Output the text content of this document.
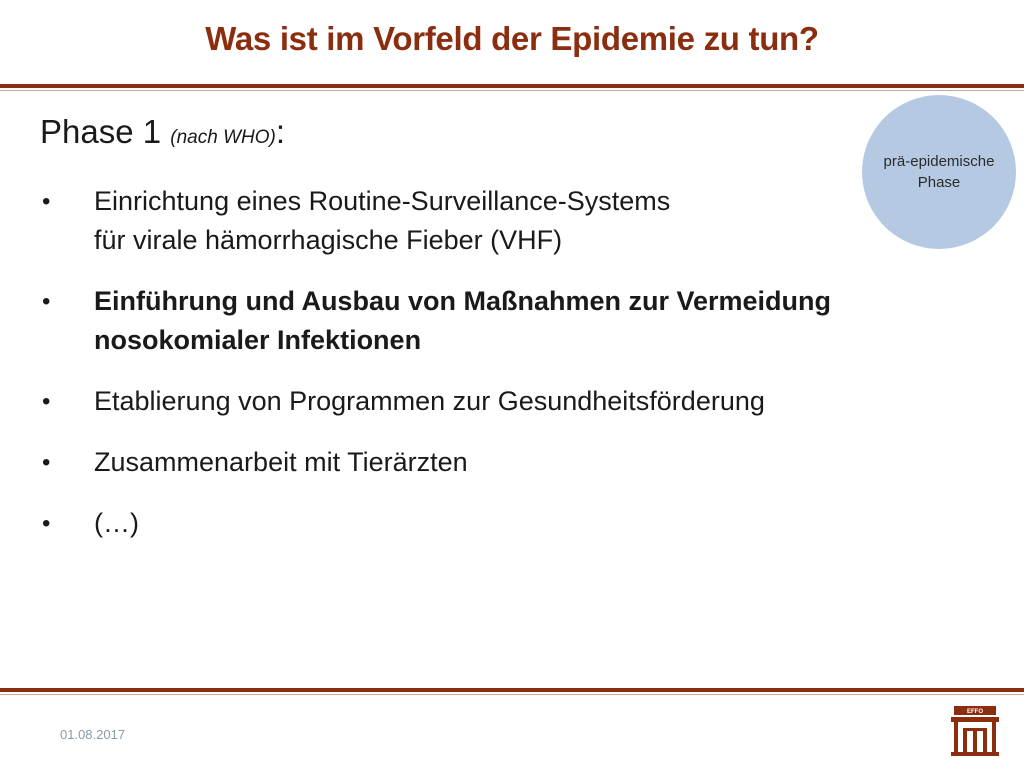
Was ist im Vorfeld der Epidemie zu tun?
Phase 1 (nach WHO):
• Einrichtung eines Routine-Surveillance-Systems
für virale hämorrhagische Fieber (VHF)
• Einführung und Ausbau von Maßnahmen zur Vermeidung
nosokomialer Infektionen
• Etablierung von Programmen zur Gesundheitsförderung
• Zusammenarbeit mit Tierärzten
• (…)
prä-epidemische
Phase
01.08.2017
EFFO
